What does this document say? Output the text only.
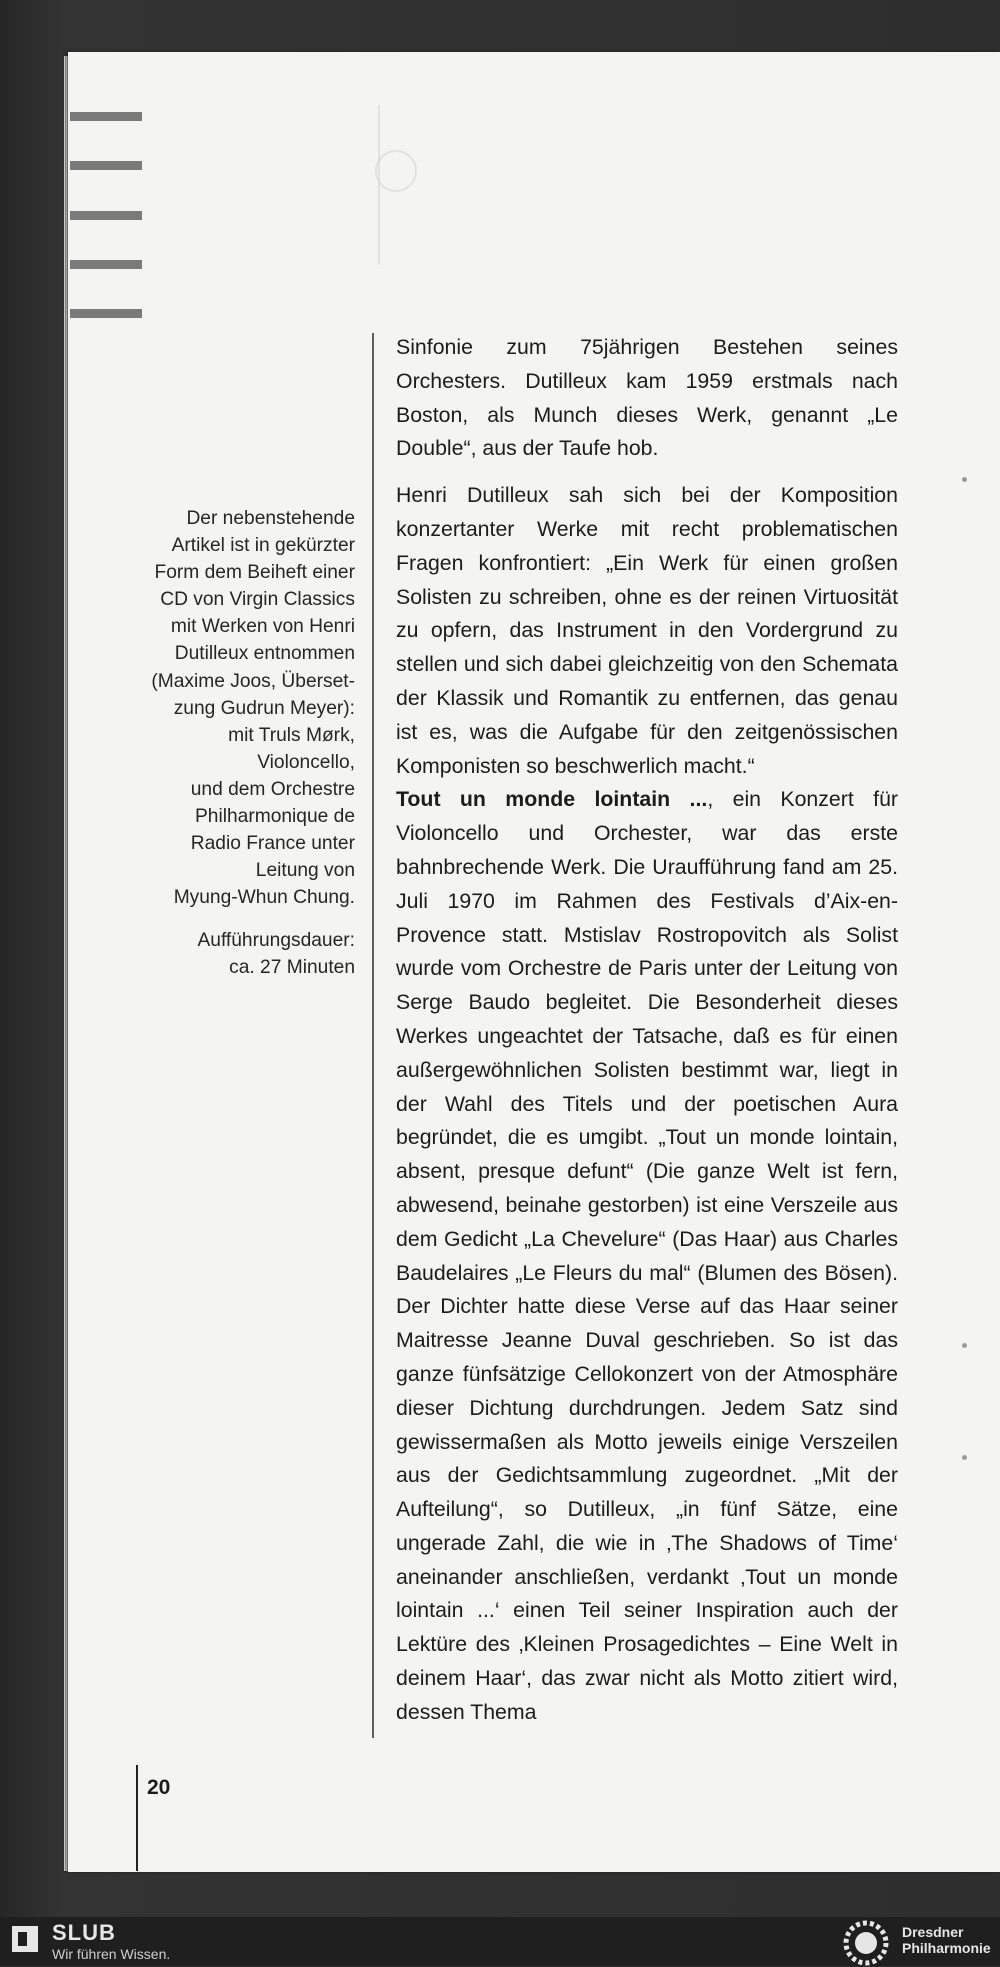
Der nebenstehende

Artikel ist in gekürzter

Form dem Beiheft einer

CD von Virgin Classics

mit Werken von Henri

Dutilleux entnommen

(Maxime Joos, Überset-

zung Gudrun Meyer):

mit Truls Mørk,

Violoncello,

und dem Orchestre

Philharmonique de

Radio France unter

Leitung von

Myung-Whun Chung.

Aufführungsdauer:
ca. 27 Minuten

Sinfonie zum 75jährigen Bestehen seines Orchesters. Dutilleux kam 1959 erstmals nach Boston, als Munch dieses Werk, genannt „Le Double“, aus der Taufe hob.

Henri Dutilleux sah sich bei der Komposition konzertanter Werke mit recht problematischen Fragen konfrontiert: „Ein Werk für einen großen Solisten zu schreiben, ohne es der reinen Virtuosität zu opfern, das Instrument in den Vordergrund zu stellen und sich dabei gleichzeitig von den Schemata der Klassik und Romantik zu entfernen, das genau ist es, was die Aufgabe für den zeitgenössischen Komponisten so beschwerlich macht.“

Tout un monde lointain ..., ein Konzert für Violoncello und Orchester, war das erste bahnbrechende Werk. Die Uraufführung fand am 25. Juli 1970 im Rahmen des Festivals d’Aix-en-Provence statt. Mstislav Rostropovitch als Solist wurde vom Orchestre de Paris unter der Leitung von Serge Baudo begleitet. Die Besonderheit dieses Werkes ungeachtet der Tatsache, daß es für einen außergewöhnlichen Solisten bestimmt war, liegt in der Wahl des Titels und der poetischen Aura begründet, die es umgibt. „Tout un monde lointain, absent, presque defunt“ (Die ganze Welt ist fern, abwesend, beinahe gestorben) ist eine Verszeile aus dem Gedicht „La Chevelure“ (Das Haar) aus Charles Baudelaires „Le Fleurs du mal“ (Blumen des Bösen). Der Dichter hatte diese Verse auf das Haar seiner Maitresse Jeanne Duval geschrieben. So ist das ganze fünfsätzige Cellokonzert von der Atmosphäre dieser Dichtung durchdrungen. Jedem Satz sind gewissermaßen als Motto jeweils einige Verszeilen aus der Gedichtsammlung zugeordnet. „Mit der Aufteilung“, so Dutilleux, „in fünf Sätze, eine ungerade Zahl, die wie in ‚The Shadows of Time‘ aneinander anschließen, verdankt ‚Tout un monde lointain ...‘ einen Teil seiner Inspiration auch der Lektüre des ‚Kleinen Prosagedichtes – Eine Welt in deinem Haar‘, das zwar nicht als Motto zitiert wird, dessen Thema

20
SLUB
Wir führen Wissen.
Dresdner
Philharmonie
